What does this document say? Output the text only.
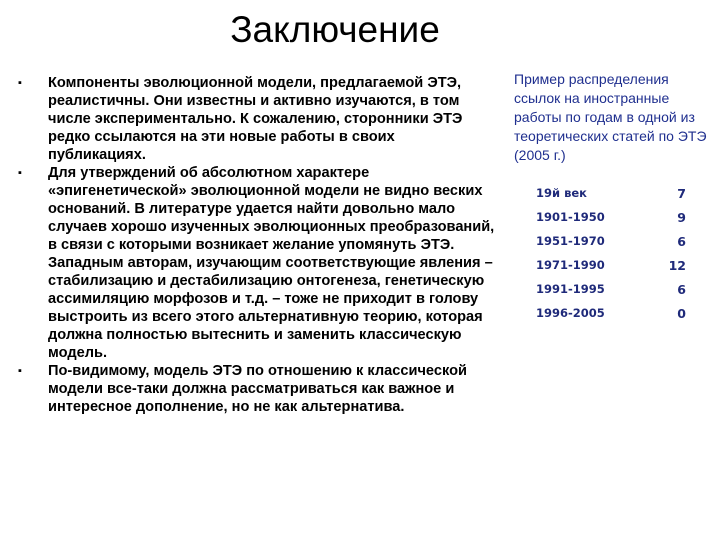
Заключение
▪ Компоненты эволюционной модели, предлагаемой ЭТЭ, реалистичны. Они известны и активно изучаются, в том числе экспериментально. К сожалению, сторонники ЭТЭ редко ссылаются на эти новые работы в своих публикациях.
▪ Для утверждений об абсолютном характере «эпигенетической» эволюционной модели не видно веских оснований. В литературе удается найти довольно мало случаев хорошо изученных эволюционных преобразований, в связи с которыми возникает желание упомянуть ЭТЭ. Западным авторам, изучающим соответствующие явления – стабилизацию и дестабилизацию онтогенеза, генетическую ассимиляцию морфозов и т.д. – тоже не приходит в голову выстроить из всего этого альтернативную теорию, которая должна полностью вытеснить и заменить классическую модель.
▪ По-видимому, модель ЭТЭ по отношению к классической модели все-таки должна рассматриваться как важное и интересное дополнение, но не как альтернатива.
Пример распределения ссылок на иностранные работы по годам в одной из теоретических статей по ЭТЭ (2005 г.)
19й век	7
1901-1950	9
1951-1970	6
1971-1990	12
1991-1995	6
1996-2005	0
